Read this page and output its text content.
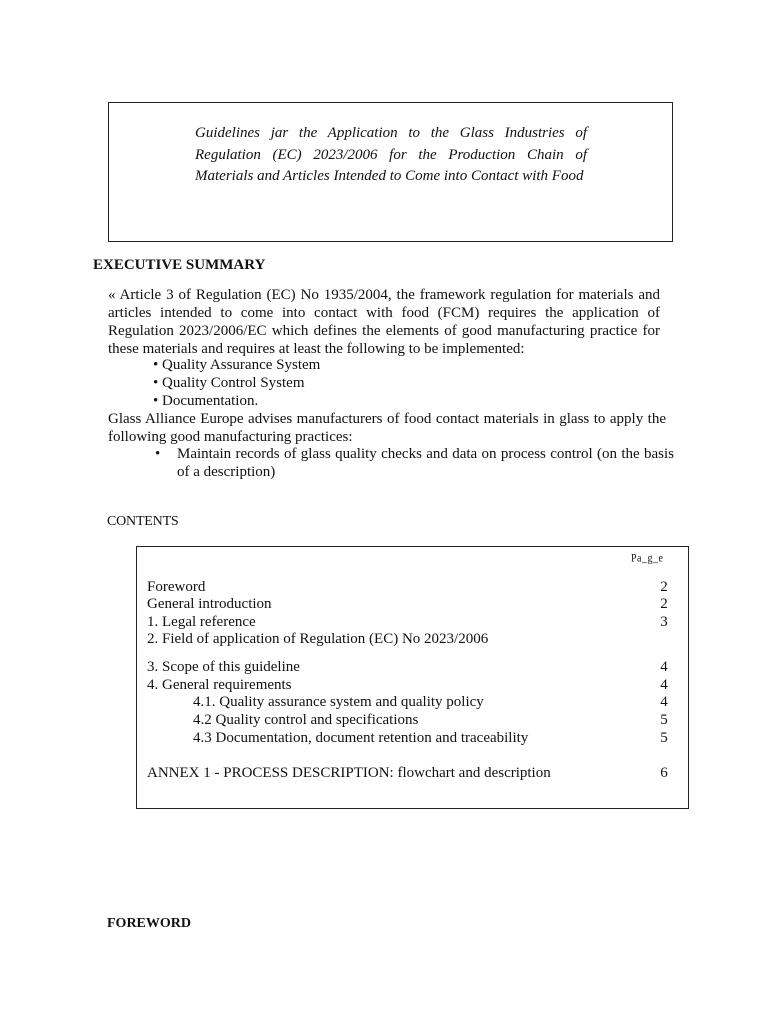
Guidelines jar the Application to the Glass Industries of Regulation (EC) 2023/2006 for the Production Chain of Materials and Articles Intended to Come into Contact with Food
EXECUTIVE SUMMARY
« Article 3 of Regulation (EC) No 1935/2004, the framework regulation for materials and articles intended to come into contact with food (FCM) requires the application of Regulation 2023/2006/EC which defines the elements of good manufacturing practice for these materials and requires at least the following to be implemented:
• Quality Assurance System
• Quality Control System
• Documentation.
Glass Alliance Europe advises manufacturers of food contact materials in glass to apply the following good manufacturing practices:
• Maintain records of glass quality checks and data on process control (on the basis of a description)
CONTENTS
Pa_g_e
Foreword	2
General introduction	2
1. Legal reference	3
2. Field of application of Regulation (EC) No 2023/2006
3. Scope of this guideline	4
4. General requirements	4
4.1. Quality assurance system and quality policy	4
4.2 Quality control and specifications	5
4.3 Documentation, document retention and traceability	5
ANNEX 1 - PROCESS DESCRIPTION: flowchart and description	6
FOREWORD
